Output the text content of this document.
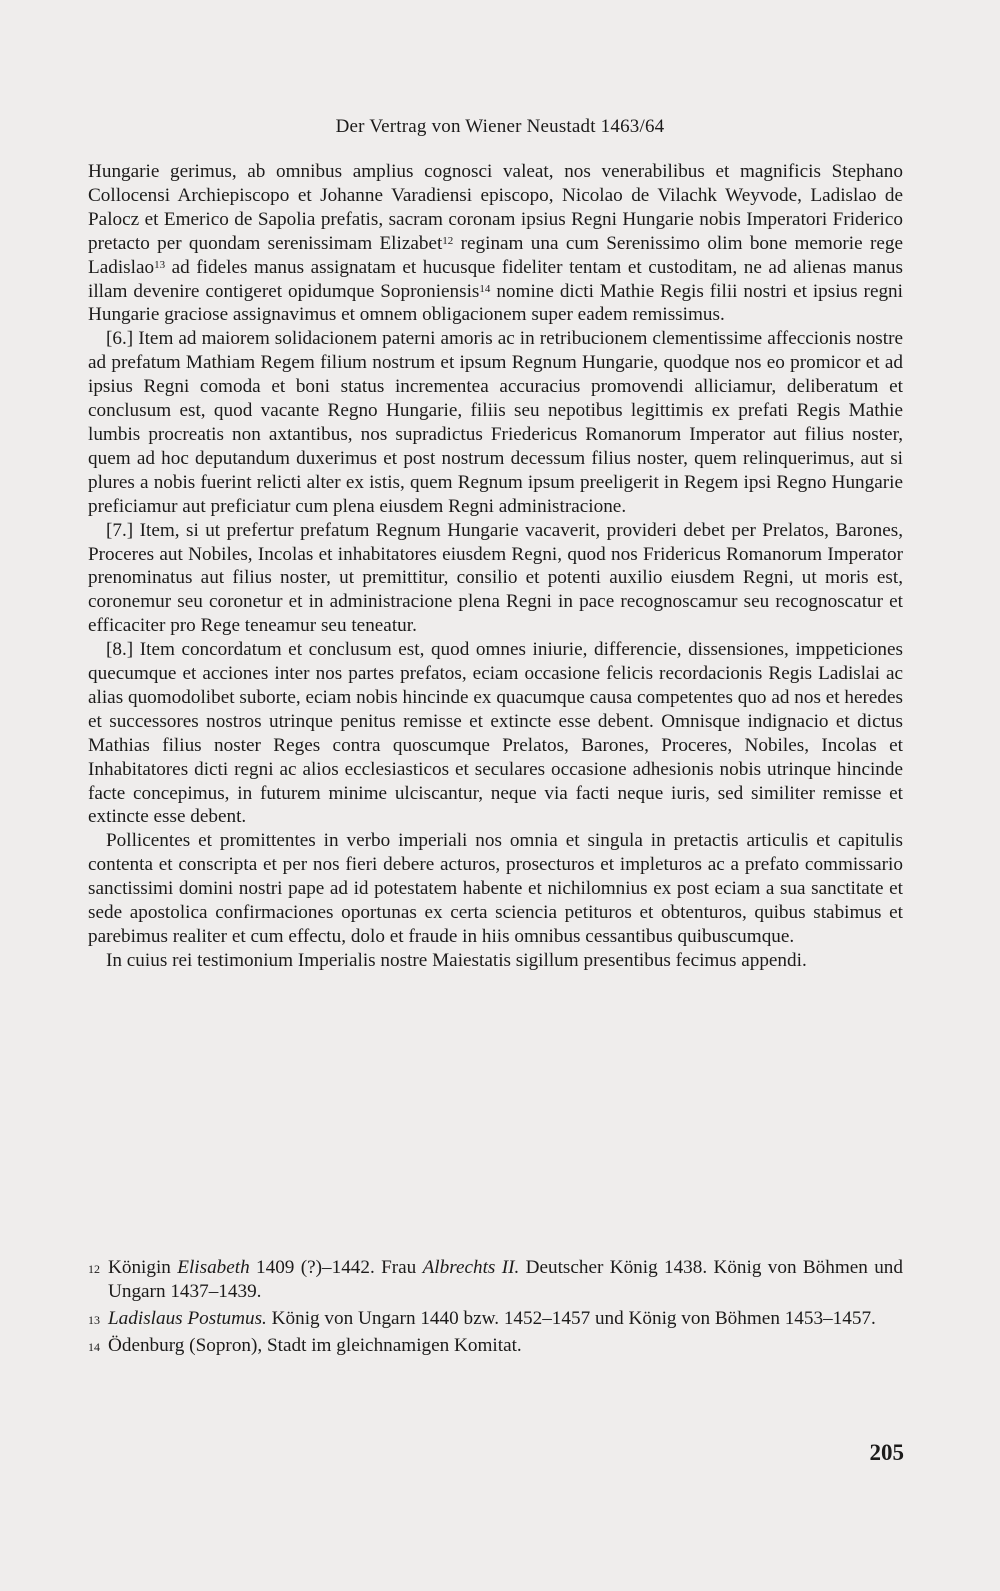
Der Vertrag von Wiener Neustadt 1463/64

Hungarie gerimus, ab omnibus amplius cognosci valeat, nos venerabilibus et magnificis Stephano Collocensi Archiepiscopo et Johanne Varadiensi episcopo, Nicolao de Vilachk Weyvode, Ladislao de Palocz et Emerico de Sapolia prefatis, sacram coronam ipsius Regni Hungarie nobis Imperatori Friderico pretacto per quondam serenissimam Elizabet$^{12}$ reginam una cum Serenissimo olim bone memorie rege Ladislao$^{13}$ ad fideles manus assignatam et hucusque fideliter tentam et custoditam, ne ad alienas manus illam devenire contigeret opidumque Soproniensis$^{14}$ nomine dicti Mathie Regis filii nostri et ipsius regni Hungarie graciose assignavimus et omnem obligacionem super eadem remissimus.

[6.] Item ad maiorem solidacionem paterni amoris ac in retribucionem clementissime affeccionis nostre ad prefatum Mathiam Regem filium nostrum et ipsum Regnum Hungarie, quodque nos eo promicor et ad ipsius Regni comoda et boni status incrementea accuracius promovendi alliciamur, deliberatum et conclusum est, quod vacante Regno Hungarie, filiis seu nepotibus legittimis ex prefati Regis Mathie lumbis procreatis non axtantibus, nos supradictus Friedericus Romanorum Imperator aut filius noster, quem ad hoc deputandum duxerimus et post nostrum decessum filius noster, quem relinquerimus, aut si plures a nobis fuerint relicti alter ex istis, quem Regnum ipsum preeligerit in Regem ipsi Regno Hungarie preficiamur aut preficiatur cum plena eiusdem Regni administracione.

[7.] Item, si ut prefertur prefatum Regnum Hungarie vacaverit, provideri debet per Prelatos, Barones, Proceres aut Nobiles, Incolas et inhabitatores eiusdem Regni, quod nos Fridericus Romanorum Imperator prenominatus aut filius noster, ut premittitur, consilio et potenti auxilio eiusdem Regni, ut moris est, coronemur seu coronetur et in administracione plena Regni in pace recognoscamur seu recognoscatur et efficaciter pro Rege teneamur seu teneatur.

[8.] Item concordatum et conclusum est, quod omnes iniurie, differencie, dissensiones, imppeticiones quecumque et acciones inter nos partes prefatos, eciam occasione felicis recordacionis Regis Ladislai ac alias quomodolibet suborte, eciam nobis hincinde ex quacumque causa competentes quo ad nos et heredes et successores nostros utrinque penitus remisse et extincte esse debent. Omnisque indignacio et dictus Mathias filius noster Reges contra quoscumque Prelatos, Barones, Proceres, Nobiles, Incolas et Inhabitatores dicti regni ac alios ecclesiasticos et seculares occasione adhesionis nobis utrinque hincinde facte concepimus, in futurem minime ulciscantur, neque via facti neque iuris, sed similiter remisse et extincte esse debent.

Pollicentes et promittentes in verbo imperiali nos omnia et singula in pretactis articulis et capitulis contenta et conscripta et per nos fieri debere acturos, prosecturos et impleturos ac a prefato commissario sanctissimi domini nostri pape ad id potestatem habente et nichilomnius ex post eciam a sua sanctitate et sede apostolica confirmaciones oportunas ex certa sciencia petituros et obtenturos, quibus stabimus et parebimus realiter et cum effectu, dolo et fraude in hiis omnibus cessantibus quibuscumque.

In cuius rei testimonium Imperialis nostre Maiestatis sigillum presentibus fecimus appendi.

$^{12}$ Königin Elisabeth 1409 (?)–1442. Frau Albrechts II. Deutscher König 1438. König von Böhmen und Ungarn 1437–1439.

$^{13}$ Ladislaus Postumus. König von Ungarn 1440 bzw. 1452–1457 und König von Böhmen 1453–1457.

$^{14}$ Ödenburg (Sopron), Stadt im gleichnamigen Komitat.

205
